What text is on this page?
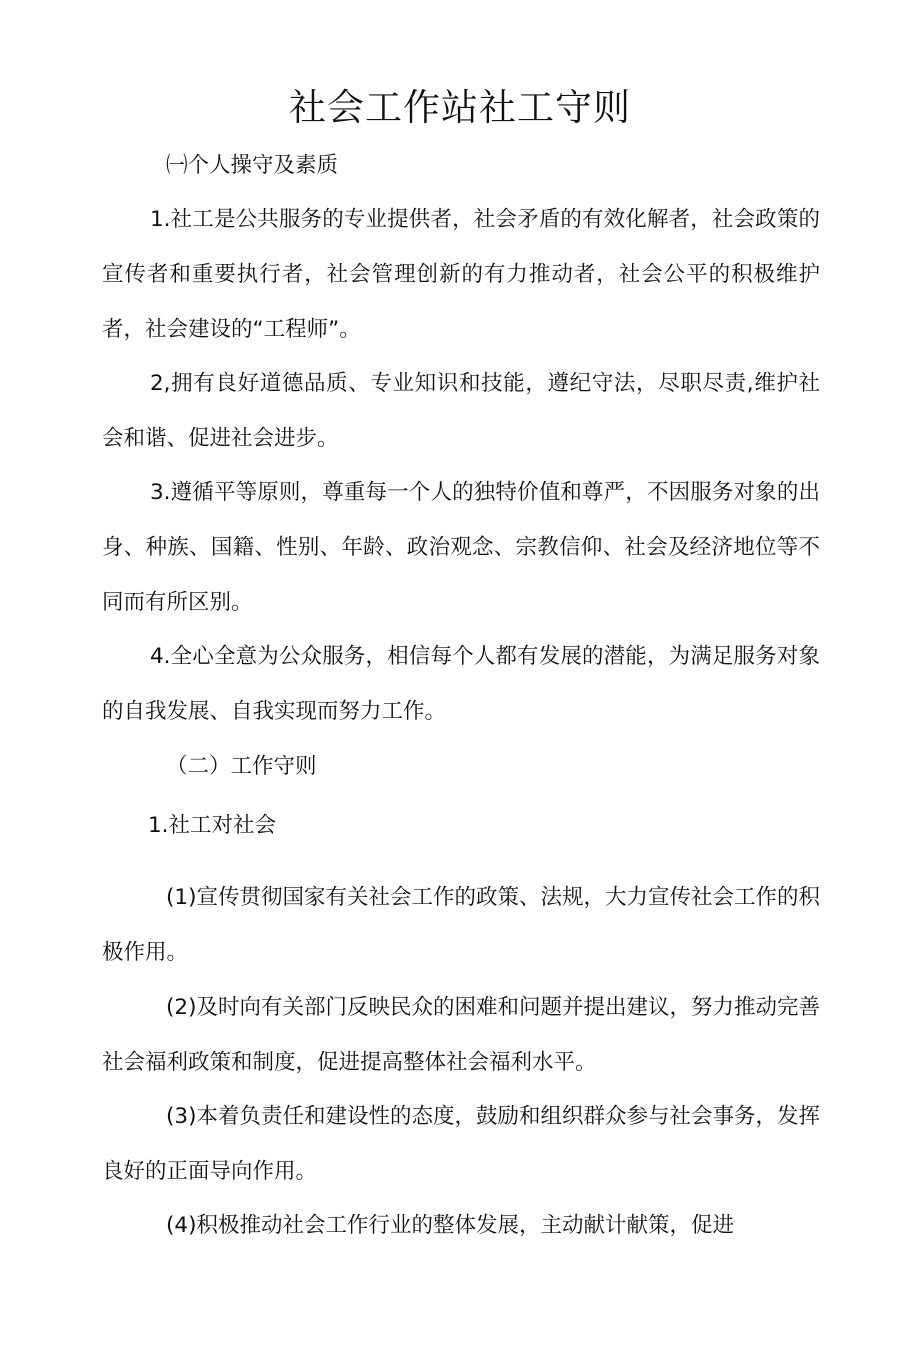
社会工作站社工守则

㈠个人操守及素质

1.社工是公共服务的专业提供者，社会矛盾的有效化解者，社会政策的宣传者和重要执行者，社会管理创新的有力推动者，社会公平的积极维护者，社会建设的“工程师”。

2,拥有良好道德品质、专业知识和技能，遵纪守法，尽职尽责,维护社会和谐、促进社会进步。

3.遵循平等原则，尊重每一个人的独特价值和尊严，不因服务对象的出身、种族、国籍、性别、年龄、政治观念、宗教信仰、社会及经济地位等不同而有所区别。

4.全心全意为公众服务，相信每个人都有发展的潜能，为满足服务对象的自我发展、自我实现而努力工作。

（二）工作守则

1.社工对社会

(1)宣传贯彻国家有关社会工作的政策、法规，大力宣传社会工作的积极作用。

(2)及时向有关部门反映民众的困难和问题并提出建议，努力推动完善社会福利政策和制度，促进提高整体社会福利水平。

(3)本着负责任和建设性的态度，鼓励和组织群众参与社会事务，发挥良好的正面导向作用。

(4)积极推动社会工作行业的整体发展，主动献计献策，促进
